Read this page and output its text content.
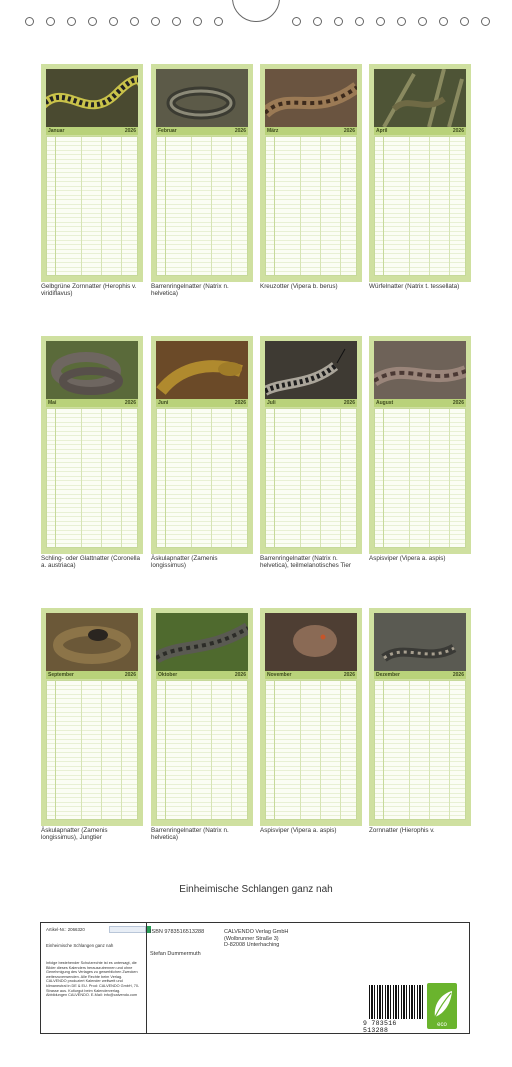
Januar	2026	Februar	2026	März	2026	April	2026
Mai	2026	Juni	2026	Juli	2026	August	2026
September	2026	Oktober	2026	November	2026	Dezember	2026
Gelbgrüne Zornnatter (Herophis v. viridiflavus)
Barrenringelnatter (Natrix n. helvetica)
Kreuzotter (Vipera b. berus)	Würfelnatter (Natrix t. tessellata)
Schling- oder Glattnatter (Coronella a. austriaca)
Äskulapnatter (Zamenis longissimus)
Barrenringelnatter (Natrix n. helvetica), teilmelanotisches Tier
Aspisviper (Vipera a. aspis)
Äskulapnatter (Zamenis longissimus), Jungtier
Barrenringelnatter (Natrix n. helvetica)
Aspisviper (Vipera a. aspis)	Zornnatter (Hierophis v.
Einheimische Schlangen ganz nah
Artikel-Nr.: 2066320
Einheimische Schlangen ganz nah
Infolge bestehender Schutzrechte ist es untersagt, die Bilder dieses Kalenders herauszutrennen und ohne Genehmigung des Verlages zu gewerblichen Zwecken weiterzuverwenden. Alle Rechte beim Verlag. CALVENDO produziert Kalender weltweit und klimaneutral in DE & EU. Prod: CALVENDO GmbH, 70-Strasse aus. Kulturgut beim Kalenderverlag. Abbildungen CALVENDO. E-Mail: info@calvendo.com
ISBN 9783516513288
Stefan Dummermuth
CALVENDO Verlag GmbH
(Wolbrunner Straße 3)
D-82008 Unterhaching
9 783516 513288
eco
